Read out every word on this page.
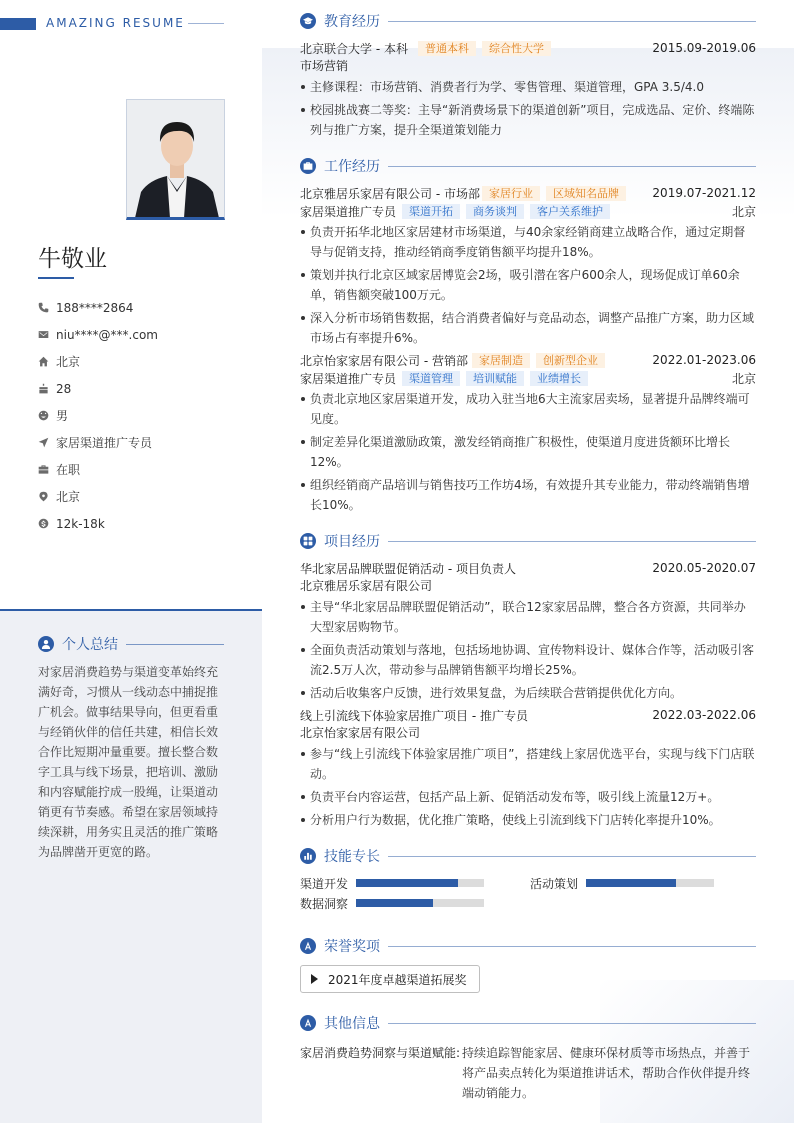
AMAZING RESUME
牛敬业
188****2864
niu****@***.com
北京
28
男
家居渠道推广专员
在职
北京
12k-18k
个人总结
对家居消费趋势与渠道变革始终充满好奇，习惯从一线动态中捕捉推广机会。做事结果导向，但更看重与经销伙伴的信任共建，相信长效合作比短期冲量重要。擅长整合数字工具与线下场景，把培训、激励和内容赋能拧成一股绳，让渠道动销更有节奏感。希望在家居领域持续深耕，用务实且灵活的推广策略为品牌凿开更宽的路。
教育经历
北京联合大学 - 本科	普通本科	综合性大学	2015.09-2019.06
市场营销
主修课程：市场营销、消费者行为学、零售管理、渠道管理，GPA 3.5/4.0
校园挑战赛二等奖：主导“新消费场景下的渠道创新”项目，完成选品、定价、终端陈列与推广方案，提升全渠道策划能力
工作经历
北京雅居乐家居有限公司 - 市场部 家居行业	区域知名品牌	2019.07-2021.12
家居渠道推广专员	渠道开拓	商务谈判	客户关系维护	北京
负责开拓华北地区家居建材市场渠道，与40余家经销商建立战略合作，通过定期督导与促销支持，推动经销商季度销售额平均提升18%。
策划并执行北京区域家居博览会2场，吸引潜在客户600余人，现场促成订单60余单，销售额突破100万元。
深入分析市场销售数据，结合消费者偏好与竞品动态，调整产品推广方案，助力区域市场占有率提升6%。
北京怡家家居有限公司 - 营销部	家居制造	创新型企业	2022.01-2023.06
家居渠道推广专员	渠道管理	培训赋能	业绩增长	北京
负责北京地区家居渠道开发，成功入驻当地6大主流家居卖场，显著提升品牌终端可见度。
制定差异化渠道激励政策，激发经销商推广积极性，使渠道月度进货额环比增长12%。
组织经销商产品培训与销售技巧工作坊4场，有效提升其专业能力，带动终端销售增长10%。
项目经历
华北家居品牌联盟促销活动 - 项目负责人	2020.05-2020.07
北京雅居乐家居有限公司
主导“华北家居品牌联盟促销活动”，联合12家家居品牌，整合各方资源，共同举办大型家居购物节。
全面负责活动策划与落地，包括场地协调、宣传物料设计、媒体合作等，活动吸引客流2.5万人次，带动参与品牌销售额平均增长25%。
活动后收集客户反馈，进行效果复盘，为后续联合营销提供优化方向。
线上引流线下体验家居推广项目 - 推广专员	2022.03-2022.06
北京怡家家居有限公司
参与“线上引流线下体验家居推广项目”，搭建线上家居优选平台，实现与线下门店联动。
负责平台内容运营，包括产品上新、促销活动发布等，吸引线上流量12万+。
分析用户行为数据，优化推广策略，使线上引流到线下门店转化率提升10%。
技能专长
渠道开发	活动策划
数据洞察
荣誉奖项
2021年度卓越渠道拓展奖
其他信息
家居消费趋势洞察与渠道赋能: 持续追踪智能家居、健康环保材质等市场热点，并善于将产品卖点转化为渠道推讲话术，帮助合作伙伴提升终端动销能力。
